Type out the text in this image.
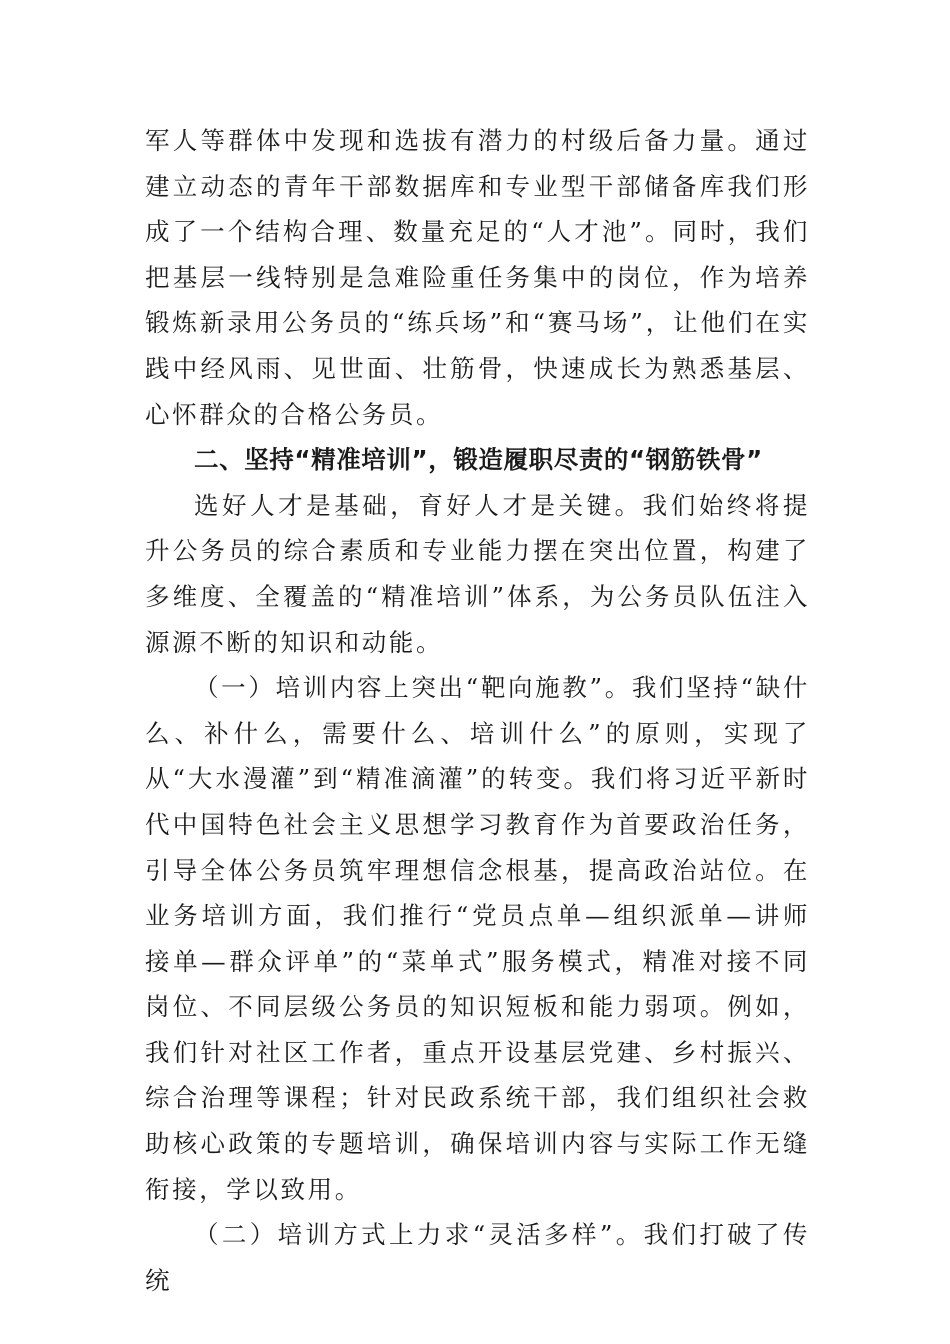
军人等群体中发现和选拔有潜力的村级后备力量。通过建立动态的青年干部数据库和专业型干部储备库我们形成了一个结构合理、数量充足的“人才池”。同时，我们把基层一线特别是急难险重任务集中的岗位，作为培养锻炼新录用公务员的“练兵场”和“赛马场”，让他们在实践中经风雨、见世面、壮筋骨，快速成长为熟悉基层、心怀群众的合格公务员。

二、坚持“精准培训”，锻造履职尽责的“钢筋铁骨”

选好人才是基础，育好人才是关键。我们始终将提升公务员的综合素质和专业能力摆在突出位置，构建了多维度、全覆盖的“精准培训”体系，为公务员队伍注入源源不断的知识和动能。

（一）培训内容上突出“靶向施教”。我们坚持“缺什么、补什么，需要什么、培训什么”的原则，实现了从“大水漫灌”到“精准滴灌”的转变。我们将习近平新时代中国特色社会主义思想学习教育作为首要政治任务，引导全体公务员筑牢理想信念根基，提高政治站位。在业务培训方面，我们推行“党员点单—组织派单—讲师接单—群众评单”的“菜单式”服务模式，精准对接不同岗位、不同层级公务员的知识短板和能力弱项。例如，我们针对社区工作者，重点开设基层党建、乡村振兴、综合治理等课程；针对民政系统干部，我们组织社会救助核心政策的专题培训，确保培训内容与实际工作无缝衔接，学以致用。

（二）培训方式上力求“灵活多样”。我们打破了传统
